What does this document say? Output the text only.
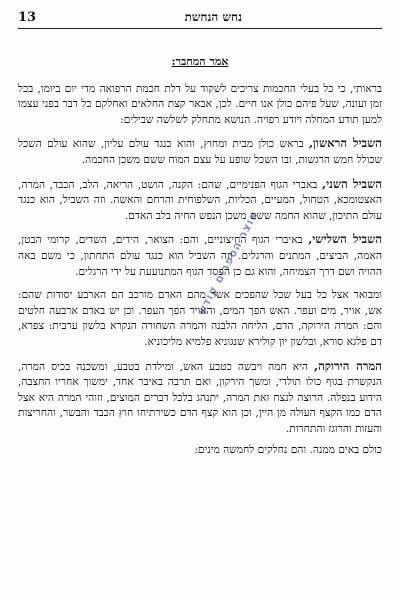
נחש הנחשת
13
אמר המחבר:

בראותי, כי כל בעלי החכמות צריכים לשקוד על דלת חכמת הרפואה מדי יום ביומו, בכל זמן ועונה, שעל פיהם כולן אנו חיים. לכן, אבאר קצת החלאים ואחלקם כל דבר בפני עצמו למען תודע המחלה ויודע רפויה. הנושא מתחלק לשלשה שבילים:

השביל הראשון, בראש כולן מבית ומחוץ, והוא כנגד עולם עליון, שהוא עולם השכל שכולל חמש הרגשות, ובו השכל שופע על עצם המוח ששם משכן החכמה.

השביל השני, באברי הגוף הפנימיים, שהם: הקנה, הושט, הריאה, הלב, הכבד, המרה, האצטומכא, הטחול, המעיים, הכליות, השלפוחית והרחם והאשה. וזה השביל, הוא כנגד עולם התיכון, שהוא החמה ששם משכן הנפש החיה בלב האדם.

השביל השלישי, באיברי הגוף החיצוניים, והם: הצואר, הידים, השדים, קרומי הבטן, האמה, הביצים, המתנים והרגלים. וזה השביל הוא כנגד עולם התחתון, כי משם באה ההויה ושם דרך הצמיחה, והוא גם כן הפסד הגוף המתנועעת על ידי הרגלים.

ומבואר אצל כל בעל שכל שהפכים אשר מהם האדם מורכב הם הארבע יסודות שהם: אש, אויר, מים ועפר. האש הפך המים, והאויר הפך העפר. וכן יש באדם ארבעה חלטים והם: המרה הירוקה, הדם, הליחה הלבנה והמרה השחורה הנקרא בלשון ערבית: צפרא, דם פלגא סורא, ובלשון יון קולירא שנגוניא פלמיא מליכוניא.

המרה הירוקה, היא חמה ויבשה כטבע האש, ומילדת בטבע, ומשכנה בכיס המרה, הנקשרת בגוף כולו תולדי, ומשך הירקון, ואם תרבה באיבר אחד, ימשוך אחריו החצבה, הידוע בנפלה. הרוצה לנצח זאת המרה, יתנהג בלכל דברים המוצים, וזוהי המרה היא אצל הדם כמו הקצף העולה מן היין, וכן הוא קצף הדם כשירתיחו חוץ הכבד והבשר, והחריצות והעזות והרוגז והתחרות.

כולם באים ממנה. והם נחלקים לחמשה מינים:

אוצר הספרים קודש
